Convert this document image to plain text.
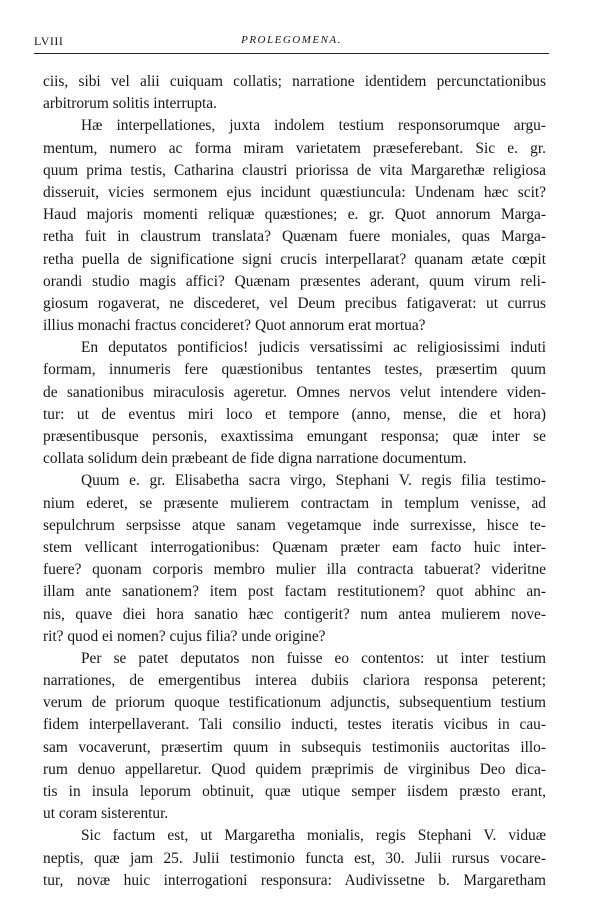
LVIII	PROLEGOMENA.
ciis, sibi vel alii cuiquam collatis; narratione identidem percunctationibus
arbitrorum solitis interrupta.
Hæ interpellationes, juxta indolem testium responsorumque argu-
mentum, numero ac forma miram varietatem præseferebant. Sic e. gr.
quum prima testis, Catharina claustri priorissa de vita Margarethæ religiosa
disseruit, vicies sermonem ejus incidunt quæstiuncula: Undenam hæc scit?
Haud majoris momenti reliquæ quæstiones; e. gr. Quot annorum Marga-
retha fuit in claustrum translata? Quænam fuere moniales, quas Marga-
retha puella de significatione signi crucis interpellarat? quanam ætate cœpit
orandi studio magis affici? Quænam præsentes aderant, quum virum reli-
giosum rogaverat, ne discederet, vel Deum precibus fatigaverat: ut currus
illius monachi fractus concideret? Quot annorum erat mortua?
En deputatos pontificios! judicis versatissimi ac religiosissimi induti
formam, innumeris fere quæstionibus tentantes testes, præsertim quum
de sanationibus miraculosis ageretur. Omnes nervos velut intendere viden-
tur: ut de eventus miri loco et tempore (anno, mense, die et hora)
præsentibusque personis, exaxtissima emungant responsa; quæ inter se
collata solidum dein præbeant de fide digna narratione documentum.
Quum e. gr. Elisabetha sacra virgo, Stephani V. regis filia testimo-
nium ederet, se præsente mulierem contractam in templum venisse, ad
sepulchrum serpsisse atque sanam vegetamque inde surrexisse, hisce te-
stem vellicant interrogationibus: Quænam præter eam facto huic inter-
fuere? quonam corporis membro mulier illa contracta tabuerat? videritne
illam ante sanationem? item post factam restitutionem? quot abhinc an-
nis, quave diei hora sanatio hæc contigerit? num antea mulierem nove-
rit? quod ei nomen? cujus filia? unde origine?
Per se patet deputatos non fuisse eo contentos: ut inter testium
narrationes, de emergentibus interea dubiis clariora responsa peterent;
verum de priorum quoque testificationum adjunctis, subsequentium testium
fidem interpellaverant. Tali consilio inducti, testes iteratis vicibus in cau-
sam vocaverunt, præsertim quum in subsequis testimoniis auctoritas illo-
rum denuo appellaretur. Quod quidem præprimis de virginibus Deo dica-
tis in insula leporum obtinuit, quæ utique semper iisdem præsto erant,
ut coram sisterentur.
Sic factum est, ut Margaretha monialis, regis Stephani V. viduæ
neptis, quæ jam 25. Julii testimonio functa est, 30. Julii rursus vocare-
tur, novæ huic interrogationi responsura: Audivissetne b. Margaretham
